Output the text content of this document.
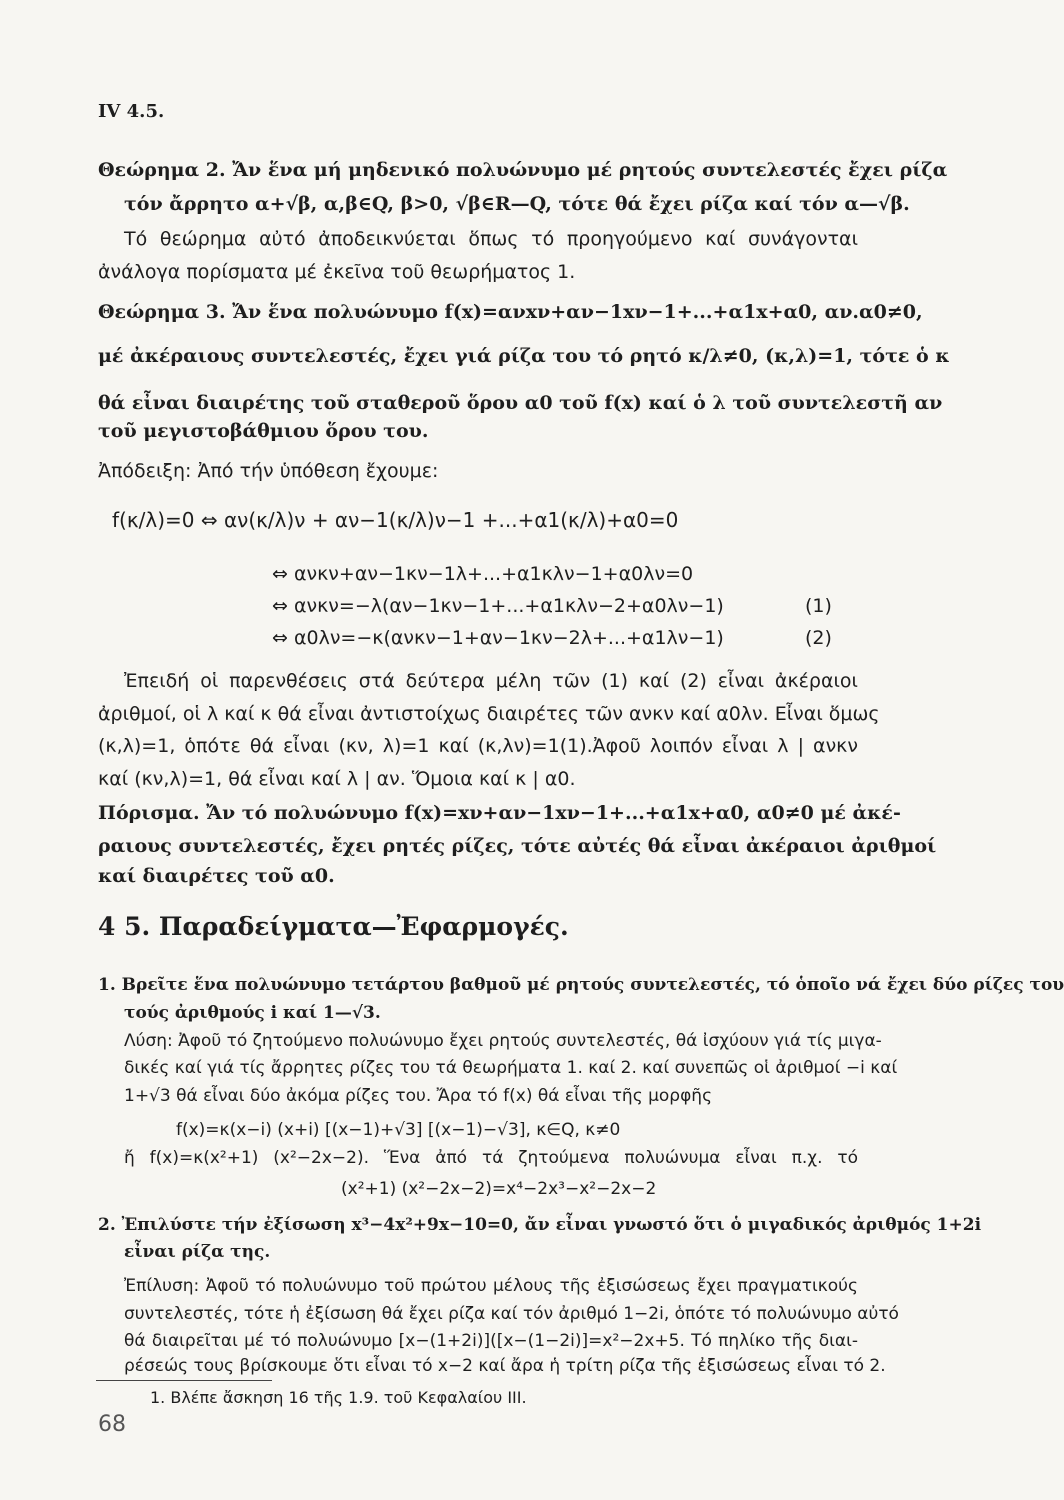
IV 4.5.
Θεώρημα 2. Ἄν ἕνα μή μηδενικό πολυώνυμο μέ ρητούς συντελεστές ἔχει ρίζα
τόν ἄρρητο α+√β, α,β∈Q, β>0, √β∈R—Q, τότε θά ἔχει ρίζα καί τόν α—√β.
Τό θεώρημα αὐτό ἀποδεικνύεται ὅπως τό προηγούμενο καί συνάγονται
ἀνάλογα πορίσματα μέ ἐκεῖνα τοῦ θεωρήματος 1.
Θεώρημα 3. Ἄν ἕνα πολυώνυμο f(x)=ανxν+αν−1xν−1+...+α1x+α0, αν.α0≠0,
μέ ἀκέραιους συντελεστές, ἔχει γιά ρίζα του τό ρητό κ/λ≠0, (κ,λ)=1, τότε ὁ κ
θά εἶναι διαιρέτης τοῦ σταθεροῦ ὅρου α0 τοῦ f(x) καί ὁ λ τοῦ συντελεστῆ αν
τοῦ μεγιστοβάθμιου ὅρου του.
Ἀπόδειξη: Ἀπό τήν ὑπόθεση ἔχουμε:
f(κ/λ)=0 ⇔ αν(κ/λ)ν + αν−1(κ/λ)ν−1 +...+α1(κ/λ)+α0=0
⇔ ανκν+αν−1κν−1λ+...+α1κλν−1+α0λν=0
⇔ ανκν=−λ(αν−1κν−1+...+α1κλν−2+α0λν−1)	(1)
⇔ α0λν=−κ(ανκν−1+αν−1κν−2λ+...+α1λν−1)	(2)
Ἐπειδή οἱ παρενθέσεις στά δεύτερα μέλη τῶν (1) καί (2) εἶναι ἀκέραιοι
ἀριθμοί, οἱ λ καί κ θά εἶναι ἀντιστοίχως διαιρέτες τῶν ανκν καί α0λν. Εἶναι ὅμως
(κ,λ)=1, ὁπότε θά εἶναι (κν, λ)=1 καί (κ,λν)=1(1).Ἀφοῦ λοιπόν εἶναι λ | ανκν
καί (κν,λ)=1, θά εἶναι καί λ | αν. Ὅμοια καί κ | α0.
Πόρισμα. Ἄν τό πολυώνυμο f(x)=xν+αν−1xν−1+...+α1x+α0, α0≠0 μέ ἀκέ-
ραιους συντελεστές, ἔχει ρητές ρίζες, τότε αὐτές θά εἶναι ἀκέραιοι ἀριθμοί
καί διαιρέτες τοῦ α0.
4 5. Παραδείγματα—Ἐφαρμογές.
1. Βρεῖτε ἕνα πολυώνυμο τετάρτου βαθμοῦ μέ ρητούς συντελεστές, τό ὁποῖο νά ἔχει δύο ρίζες του
τούς ἀριθμούς i καί 1—√3.
Λύση: Ἀφοῦ τό ζητούμενο πολυώνυμο ἔχει ρητούς συντελεστές, θά ἰσχύουν γιά τίς μιγα-
δικές καί γιά τίς ἄρρητες ρίζες του τά θεωρήματα 1. καί 2. καί συνεπῶς οἱ ἀριθμοί −i καί
1+√3 θά εἶναι δύο ἀκόμα ρίζες του. Ἄρα τό f(x) θά εἶναι τῆς μορφῆς
f(x)=κ(x−i) (x+i) [(x−1)+√3] [(x−1)−√3], κ∈Q, κ≠0
ἤ f(x)=κ(x²+1) (x²−2x−2). Ἕνα ἀπό τά ζητούμενα πολυώνυμα εἶναι π.χ. τό
(x²+1) (x²−2x−2)=x⁴−2x³−x²−2x−2
2. Ἐπιλύστε τήν ἐξίσωση x³−4x²+9x−10=0, ἄν εἶναι γνωστό ὅτι ὁ μιγαδικός ἀριθμός 1+2i
εἶναι ρίζα της.
Ἐπίλυση: Ἀφοῦ τό πολυώνυμο τοῦ πρώτου μέλους τῆς ἐξισώσεως ἔχει πραγματικούς
συντελεστές, τότε ἡ ἐξίσωση θά ἔχει ρίζα καί τόν ἀριθμό 1−2i, ὁπότε τό πολυώνυμο αὐτό
θά διαιρεῖται μέ τό πολυώνυμο [x−(1+2i)]([x−(1−2i)]=x²−2x+5. Τό πηλίκο τῆς διαι-
ρέσεώς τους βρίσκουμε ὅτι εἶναι τό x−2 καί ἄρα ἡ τρίτη ρίζα τῆς ἐξισώσεως εἶναι τό 2.
1. Βλέπε ἄσκηση 16 τῆς 1.9. τοῦ Κεφαλαίου III.
68
